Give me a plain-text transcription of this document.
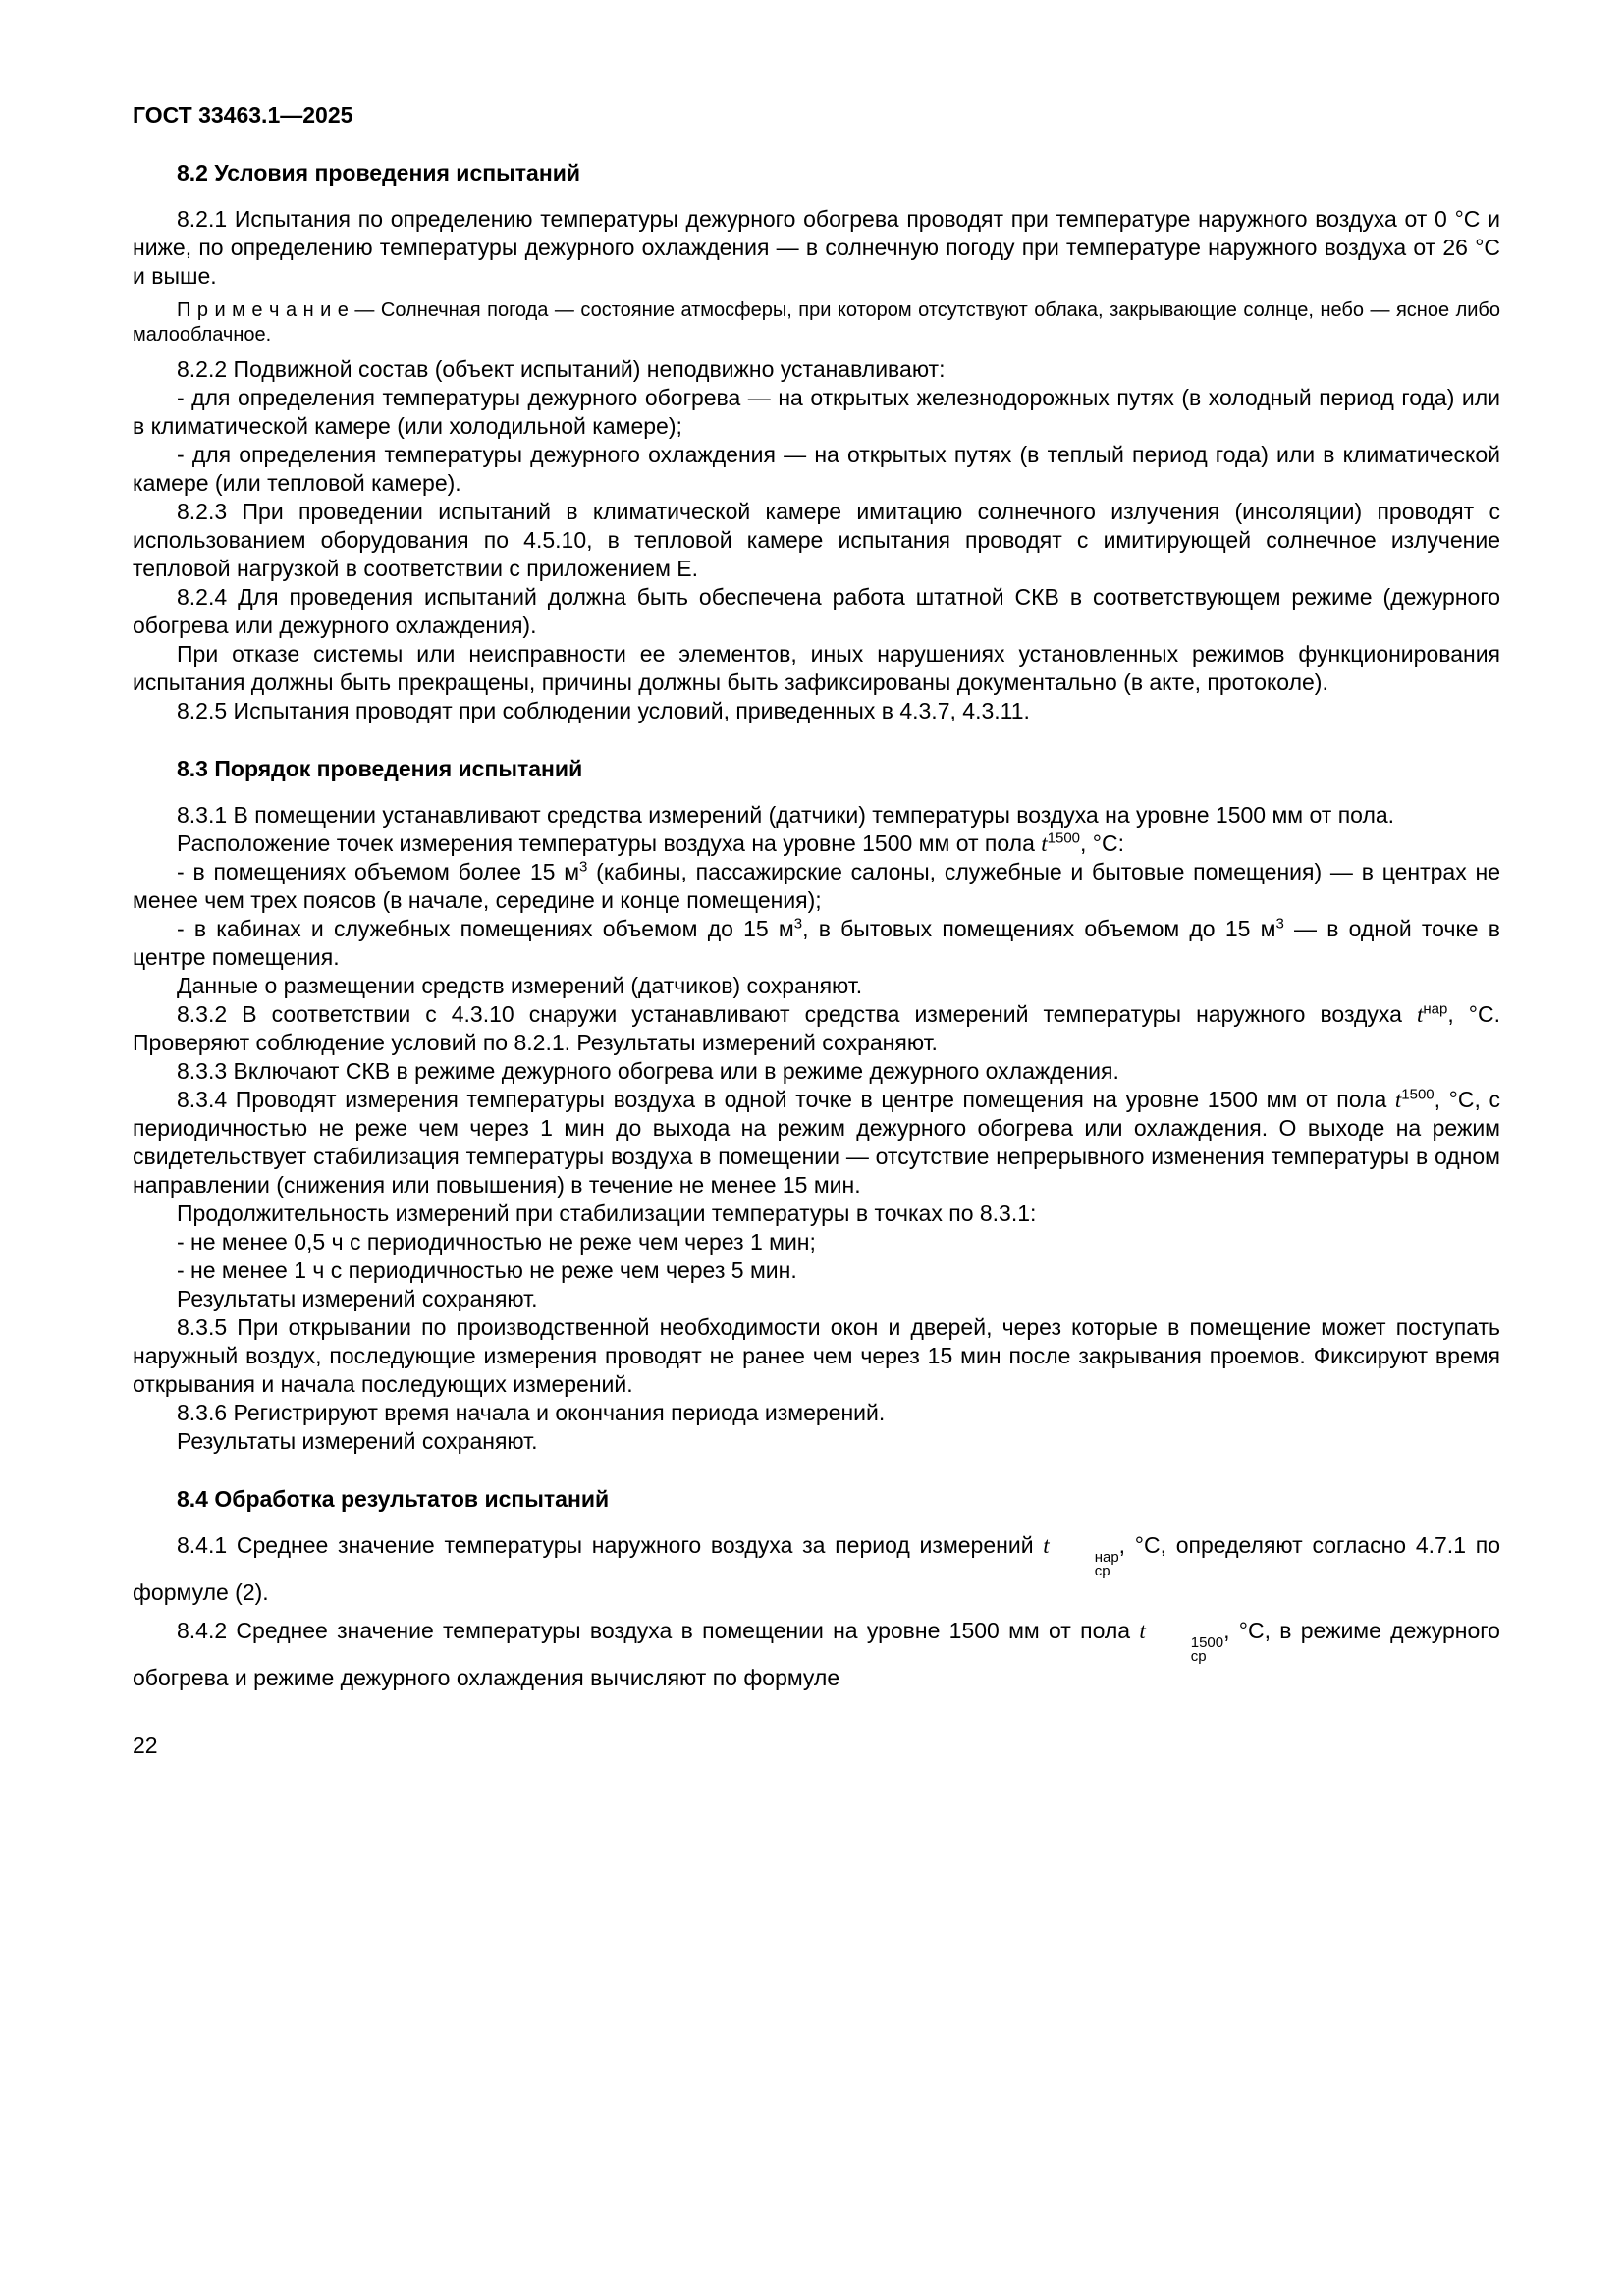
ГОСТ 33463.1—2025
8.2 Условия проведения испытаний

8.2.1 Испытания по определению температуры дежурного обогрева проводят при температуре наружного воздуха от 0 °С и ниже, по определению температуры дежурного охлаждения — в солнечную погоду при температуре наружного воздуха от 26 °С и выше.

П р и м е ч а н и е — Солнечная погода — состояние атмосферы, при котором отсутствуют облака, закрывающие солнце, небо — ясное либо малооблачное.

8.2.2 Подвижной состав (объект испытаний) неподвижно устанавливают:

- для определения температуры дежурного обогрева — на открытых железнодорожных путях (в холодный период года) или в климатической камере (или холодильной камере);

- для определения температуры дежурного охлаждения — на открытых путях (в теплый период года) или в климатической камере (или тепловой камере).

8.2.3 При проведении испытаний в климатической камере имитацию солнечного излучения (инсоляции) проводят с использованием оборудования по 4.5.10, в тепловой камере испытания проводят с имитирующей солнечное излучение тепловой нагрузкой в соответствии с приложением Е.

8.2.4 Для проведения испытаний должна быть обеспечена работа штатной СКВ в соответствующем режиме (дежурного обогрева или дежурного охлаждения).

При отказе системы или неисправности ее элементов, иных нарушениях установленных режимов функционирования испытания должны быть прекращены, причины должны быть зафиксированы документально (в акте, протоколе).

8.2.5 Испытания проводят при соблюдении условий, приведенных в 4.3.7, 4.3.11.

8.3 Порядок проведения испытаний

8.3.1 В помещении устанавливают средства измерений (датчики) температуры воздуха на уровне 1500 мм от пола.

Расположение точек измерения температуры воздуха на уровне 1500 мм от пола $t^{1500}$, °С:

- в помещениях объемом более 15 $м^3$ (кабины, пассажирские салоны, служебные и бытовые помещения) — в центрах не менее чем трех поясов (в начале, середине и конце помещения);

- в кабинах и служебных помещениях объемом до 15 $м^3$, в бытовых помещениях объемом до 15 $м^3$ — в одной точке в центре помещения.

Данные о размещении средств измерений (датчиков) сохраняют.

8.3.2 В соответствии с 4.3.10 снаружи устанавливают средства измерений температуры наружного воздуха $t^{нар}$, °С. Проверяют соблюдение условий по 8.2.1. Результаты измерений сохраняют.

8.3.3 Включают СКВ в режиме дежурного обогрева или в режиме дежурного охлаждения.

8.3.4 Проводят измерения температуры воздуха в одной точке в центре помещения на уровне 1500 мм от пола $t^{1500}$, °С, с периодичностью не реже чем через 1 мин до выхода на режим дежурного обогрева или охлаждения. О выходе на режим свидетельствует стабилизация температуры воздуха в помещении — отсутствие непрерывного изменения температуры в одном направлении (снижения или повышения) в течение не менее 15 мин.

Продолжительность измерений при стабилизации температуры в точках по 8.3.1:

- не менее 0,5 ч с периодичностью не реже чем через 1 мин;

- не менее 1 ч с периодичностью не реже чем через 5 мин.

Результаты измерений сохраняют.

8.3.5 При открывании по производственной необходимости окон и дверей, через которые в помещение может поступать наружный воздух, последующие измерения проводят не ранее чем через 15 мин после закрывания проемов. Фиксируют время открывания и начала последующих измерений.

8.3.6 Регистрируют время начала и окончания периода измерений.

Результаты измерений сохраняют.

8.4 Обработка результатов испытаний

8.4.1 Среднее значение температуры наружного воздуха за период измерений t	нар
ср
, °С, определяют согласно 4.7.1 по формуле (2).

8.4.2 Среднее значение температуры воздуха в помещении на уровне 1500 мм от пола t	1500
ср
, °С, в режиме дежурного обогрева и режиме дежурного охлаждения вычисляют по формуле

22
